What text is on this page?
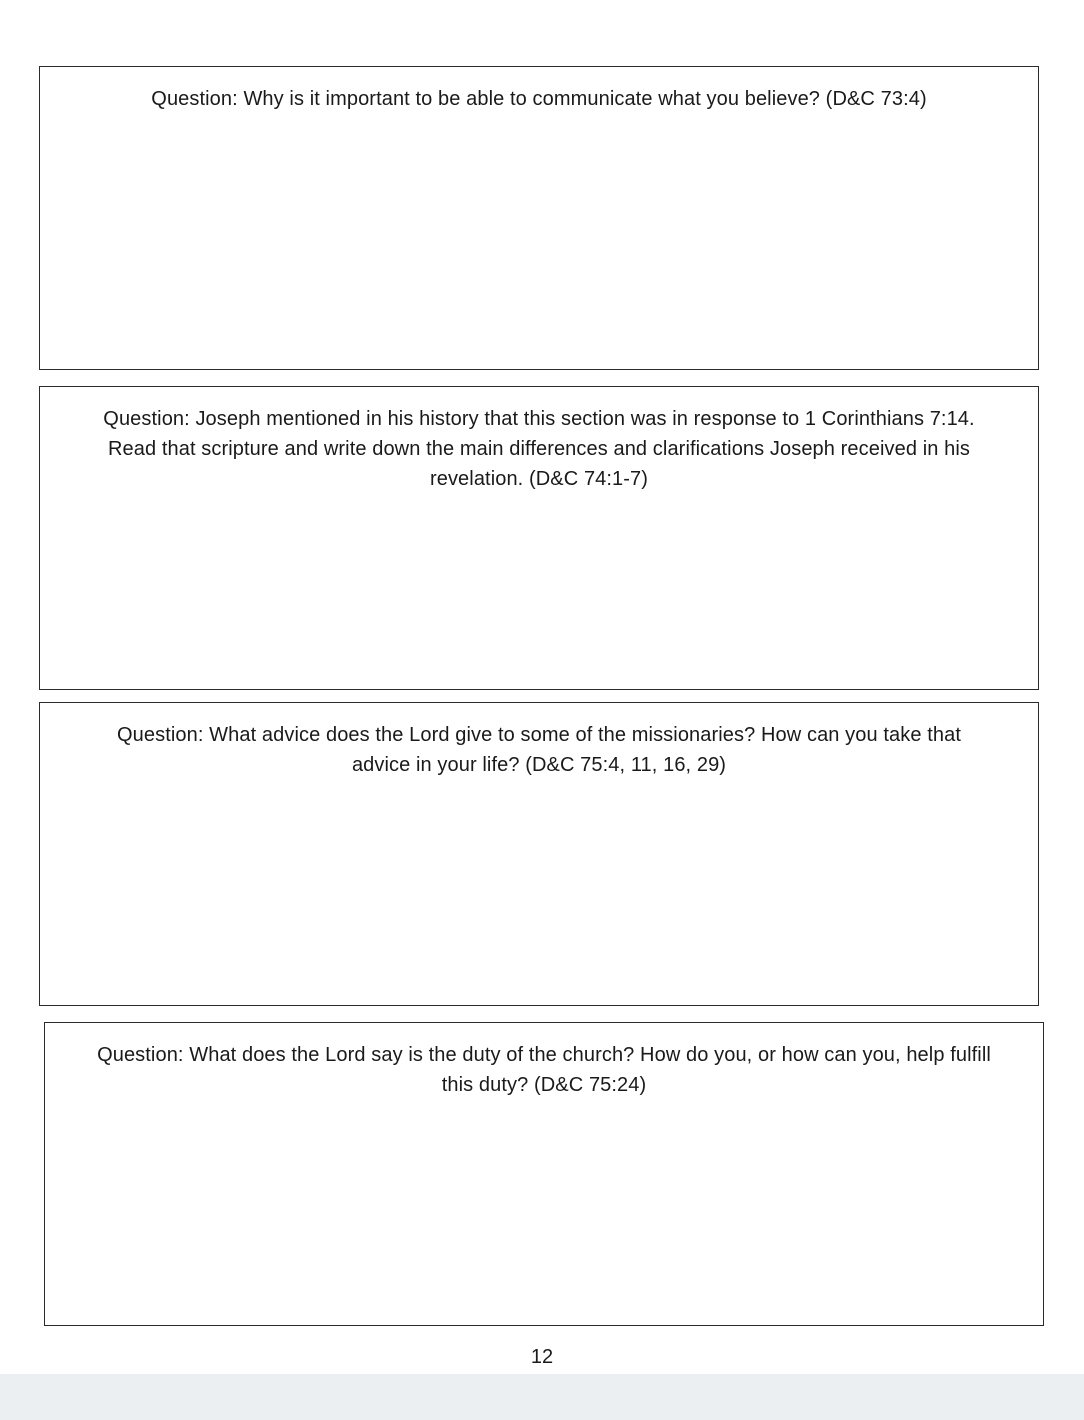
Question: Why is it important to be able to communicate what you believe? (D&C 73:4)

Question: Joseph mentioned in his history that this section was in response to 1 Corinthians 7:14. Read that scripture and write down the main differences and clarifications Joseph received in his revelation. (D&C 74:1-7)

Question: What advice does the Lord give to some of the missionaries? How can you take that advice in your life? (D&C 75:4, 11, 16, 29)

Question: What does the Lord say is the duty of the church? How do you, or how can you, help fulfill this duty? (D&C 75:24)

12
